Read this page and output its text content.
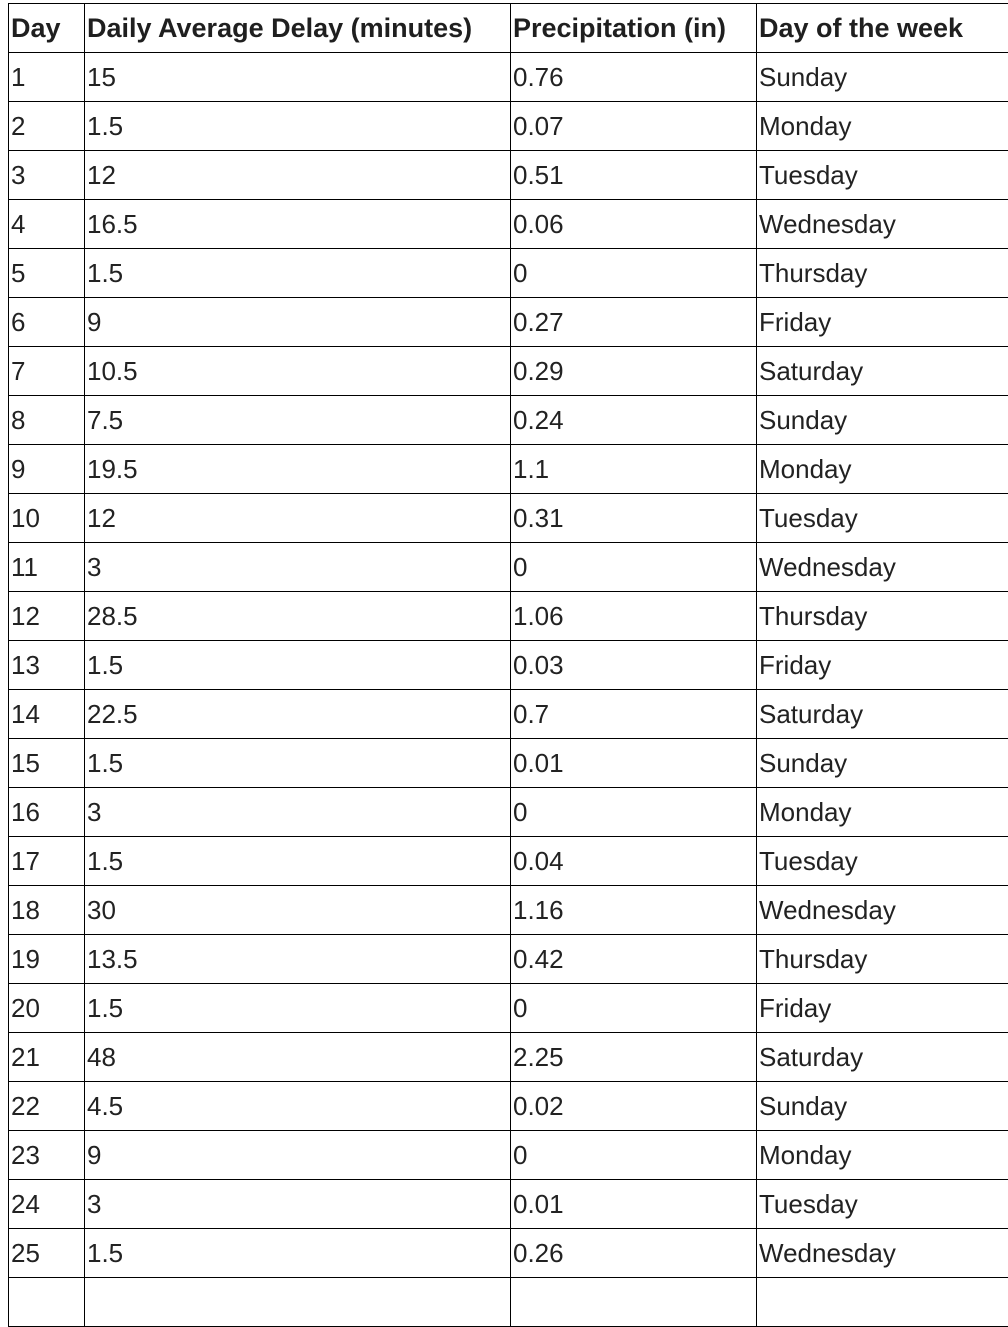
Day	Daily Average Delay (minutes)	Precipitation (in)	Day of the week
1	15	0.76	Sunday
2	1.5	0.07	Monday
3	12	0.51	Tuesday
4	16.5	0.06	Wednesday
5	1.5	0	Thursday
6	9	0.27	Friday
7	10.5	0.29	Saturday
8	7.5	0.24	Sunday
9	19.5	1.1	Monday
10	12	0.31	Tuesday
11	3	0	Wednesday
12	28.5	1.06	Thursday
13	1.5	0.03	Friday
14	22.5	0.7	Saturday
15	1.5	0.01	Sunday
16	3	0	Monday
17	1.5	0.04	Tuesday
18	30	1.16	Wednesday
19	13.5	0.42	Thursday
20	1.5	0	Friday
21	48	2.25	Saturday
22	4.5	0.02	Sunday
23	9	0	Monday
24	3	0.01	Tuesday
25	1.5	0.26	Wednesday
